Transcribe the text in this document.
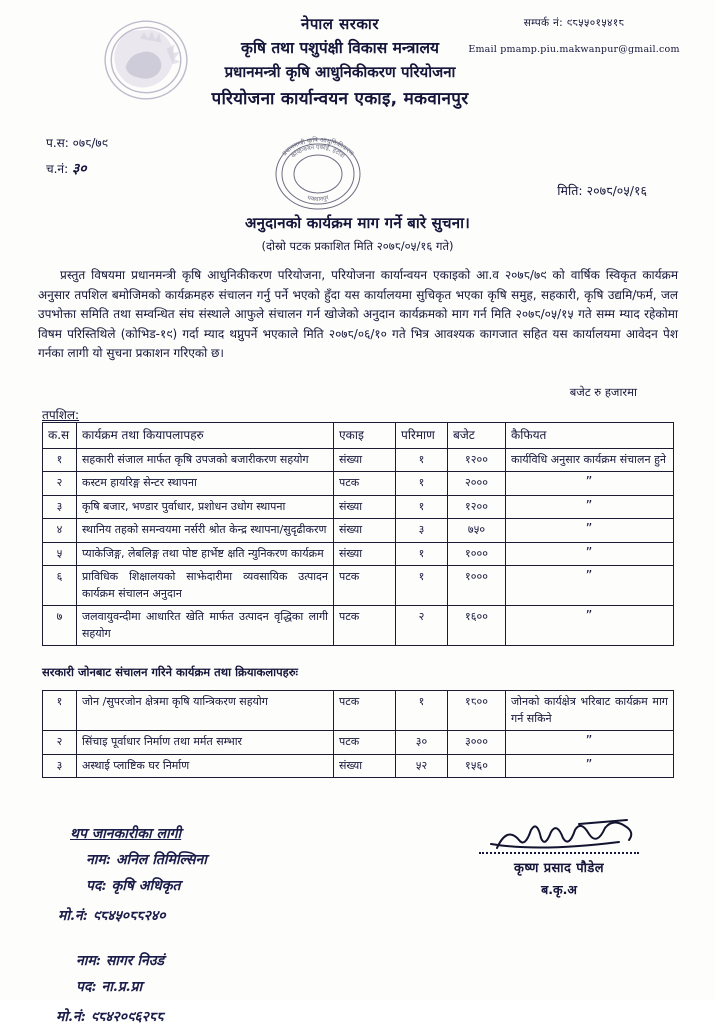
नेपाल सरकार
कृषि तथा पशुपंक्षी विकास मन्त्रालय
प्रधानमन्त्री कृषि आधुनिकीकरण परियोजना
परियोजना कार्यान्वयन एकाइ, मकवानपुर
सम्पर्क नं: ९८५५०१५४१८
Email pmamp.piu.makwanpur@gmail.com
प.स: ०७८/७९
च.नं: ३०
प्रधानमन्त्री कृषि आधुनिकीकरण
कार्यान्वयन एकाँई, हेटौंडा
मकवानपुर
मिति: २०७८/०५/१६
अनुदानको कार्यक्रम माग गर्ने बारे सुचना।
(दोस्रो पटक प्रकाशित मिति २०७८/०५/१६ गते)

प्रस्तुत विषयमा प्रधानमन्त्री कृषि आधुनिकीकरण परियोजना, परियोजना कार्यान्वयन एकाइको आ.व २०७८/७९ को वार्षिक स्विकृत कार्यक्रम अनुसार तपशिल बमोजिमको कार्यक्रमहरु संचालन गर्नु पर्ने भएको हुँदा यस कार्यालयमा सुचिकृत भएका कृषि समुह, सहकारी, कृषि उद्यमि/फर्म, जल उपभोक्ता समिति तथा सम्वन्धित संघ संस्थाले आफुले संचालन गर्न खोजेको अनुदान कार्यक्रमको माग गर्न मिति २०७८/०५/१५ गते सम्म म्याद रहेकोमा विषम परिस्तिथिले (कोभिड-१९) गर्दा म्याद थप्नुपर्ने भएकाले मिति २०७८/०६/१० गते भित्र आवश्यक कागजात सहित यस कार्यालयमा आवेदन पेश गर्नका लागी यो सुचना प्रकाशन गरिएको छ।

बजेट रु हजारमा
तपशिल:
क.स	कार्यक्रम तथा कियापलापहरु	एकाइ	परिमाण	बजेट	कैफियत
१	सहकारी संजाल मार्फत कृषि उपजको बजारीकरण सहयोग	संख्या	१	१२००	कार्यविधि अनुसार कार्यक्रम संचालन हुने
२	कस्टम हायरिङ्ग सेन्टर स्थापना	पटक	१	२०००	”
३	कृषि बजार, भण्डार पुर्वाधार, प्रशोधन उधोग स्थापना	संख्या	१	१२००	”
४	स्थानिय तहको समन्वयमा नर्सरी श्रोत केन्द्र स्थापना/सुदृढीकरण	संख्या	३	७५०	”
५	प्याकेजिङ्ग, लेबलिङ्ग तथा पोष्ट हार्भेष्ट क्षति न्युनिकरण कार्यक्रम	संख्या	१	१०००	”
६	प्राविधिक शिक्षालयको साझेदारीमा व्यवसायिक उत्पादन कार्यक्रम संचालन अनुदान	पटक	१	१०००	”
७	जलवायुवन्दीमा आधारित खेति मार्फत उत्पादन वृद्धिका लागी सहयोग	पटक	२	१६००	”
सरकारी जोनबाट संचालन गरिने कार्यक्रम तथा क्रियाकलापहरुः
१	जोन /सुपरजोन क्षेत्रमा कृषि यान्त्रिकरण सहयोग	पटक	१	१८००	जोनको कार्यक्षेत्र भरिबाट कार्यक्रम माग गर्न सकिने
२	सिंचाइ पूर्वाधार निर्माण तथा मर्मत सम्भार	पटक	३०	३०००	”
३	अस्थाई प्लाष्टिक घर निर्माण	संख्या	५२	१५६०	”
कृष्ण प्रसाद पौडेल
ब.कृ.अ
थप जानकारीका लागी
नाम: अनिल तिमिल्सिना
पद: कृषि अधिकृत
मो.नं: ९८४५०८८२४०
नाम: सागर निउडं
पद: ना.प्र.प्रा
मो.नं: ९८४२०९६२८८
